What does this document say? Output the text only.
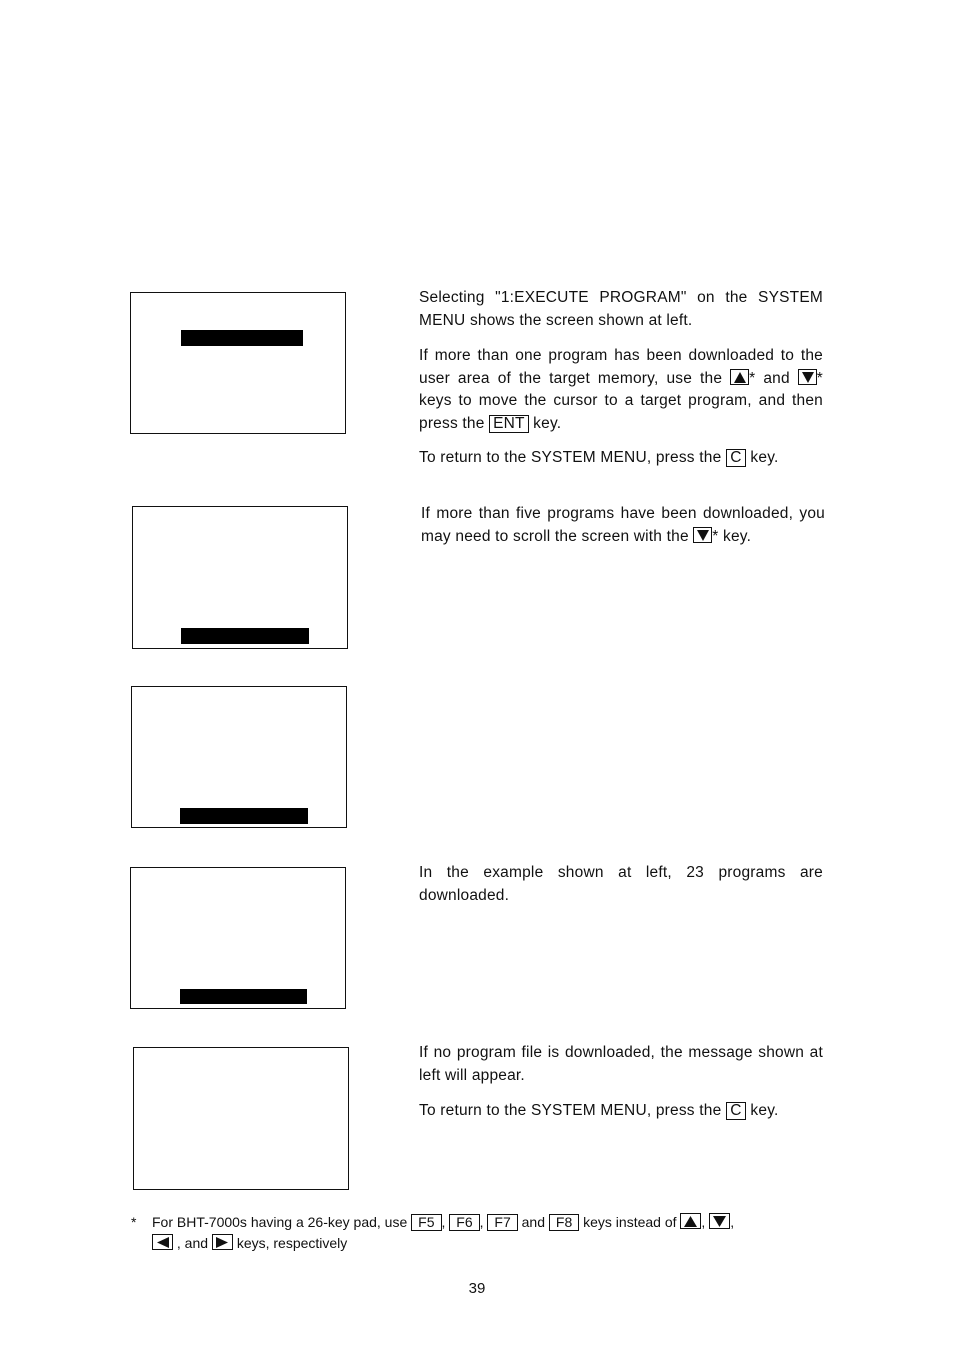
Selecting "1:EXECUTE PROGRAM" on the SYSTEM MENU shows the screen shown at left.

If more than one program has been downloaded to the user area of the target memory, use the
* and
* keys to move the cursor to a target program, and then press the ENT key.

To return to the SYSTEM MENU, press the C key.

If more than five programs have been downloaded, you may need to scroll the screen with the
* key.

In the example shown at left, 23 programs are downloaded.

If no program file is downloaded, the message shown at left will appear.

To return to the SYSTEM MENU, press the C key.

* For BHT-7000s having a 26-key pad, use F5 , F6 , F7 and F8 keys instead of , ,

, and keys, respectively
39
